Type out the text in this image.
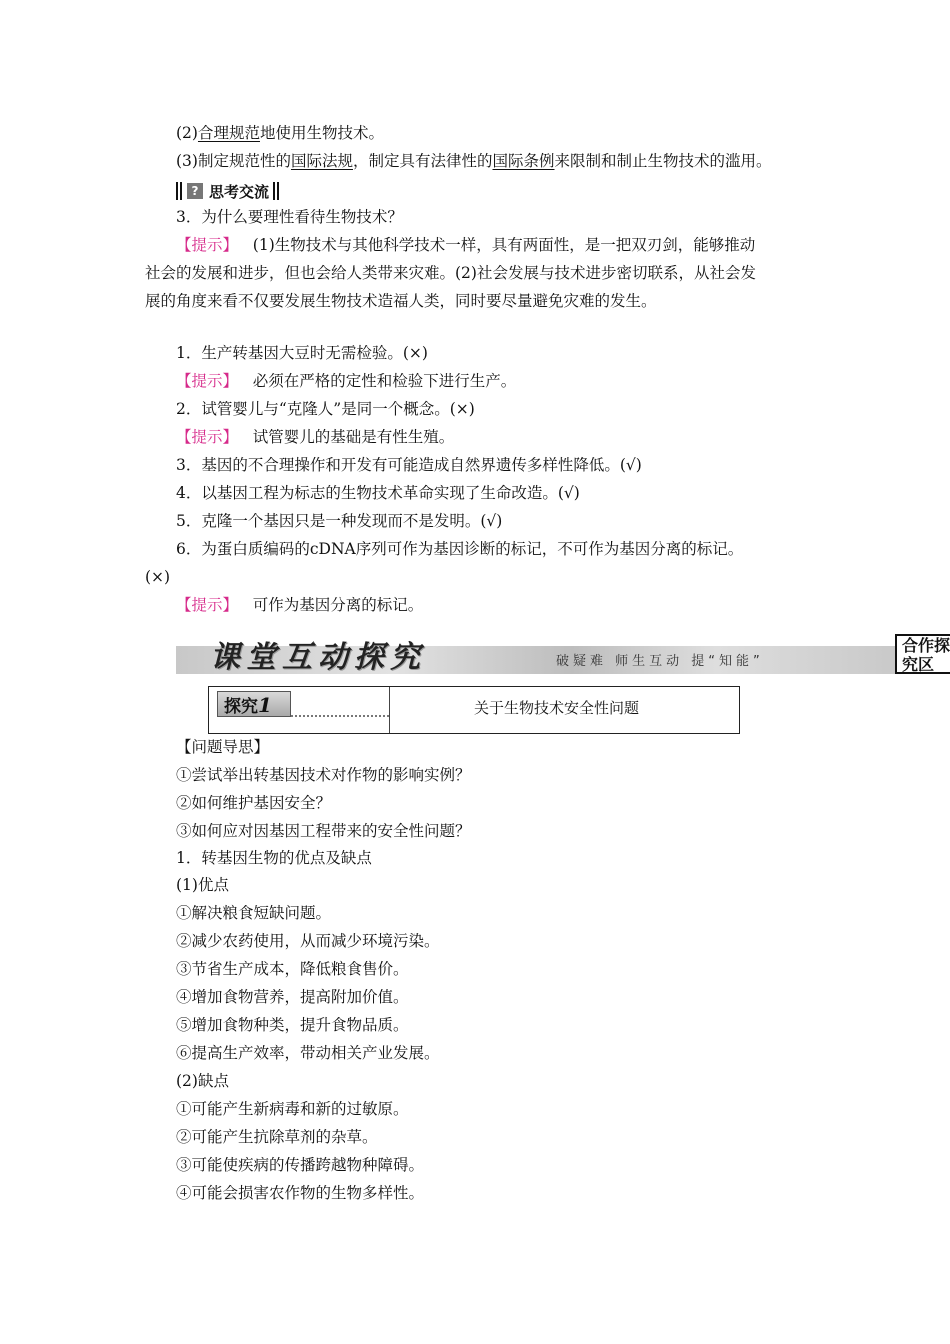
(2)合理规范地使用生物技术。
(3)制定规范性的国际法规，制定具有法律性的国际条例来限制和制止生物技术的滥用。
? 思考交流
3．为什么要理性看待生物技术？
【提示】 (1)生物技术与其他科学技术一样，具有两面性，是一把双刃剑，能够推动
社会的发展和进步，但也会给人类带来灾难。(2)社会发展与技术进步密切联系，从社会发
展的角度来看不仅要发展生物技术造福人类，同时要尽量避免灾难的发生。
1．生产转基因大豆时无需检验。(×)
【提示】 必须在严格的定性和检验下进行生产。
2．试管婴儿与“克隆人”是同一个概念。(×)
【提示】 试管婴儿的基础是有性生殖。
3．基因的不合理操作和开发有可能造成自然界遗传多样性降低。(√)
4．以基因工程为标志的生物技术革命实现了生命改造。(√)
5．克隆一个基因只是一种发现而不是发明。(√)
6．为蛋白质编码的cDNA序列可作为基因诊断的标记，不可作为基因分离的标记。
(×)
【提示】 可作为基因分离的标记。
课堂互动探究	破疑难 师生互动 提“知能”
合作探
究区
探究1	关于生物技术安全性问题
【问题导思】
①尝试举出转基因技术对作物的影响实例？
②如何维护基因安全？
③如何应对因基因工程带来的安全性问题？
1．转基因生物的优点及缺点
(1)优点
①解决粮食短缺问题。
②减少农药使用，从而减少环境污染。
③节省生产成本，降低粮食售价。
④增加食物营养，提高附加价值。
⑤增加食物种类，提升食物品质。
⑥提高生产效率，带动相关产业发展。
(2)缺点
①可能产生新病毒和新的过敏原。
②可能产生抗除草剂的杂草。
③可能使疾病的传播跨越物种障碍。
④可能会损害农作物的生物多样性。
